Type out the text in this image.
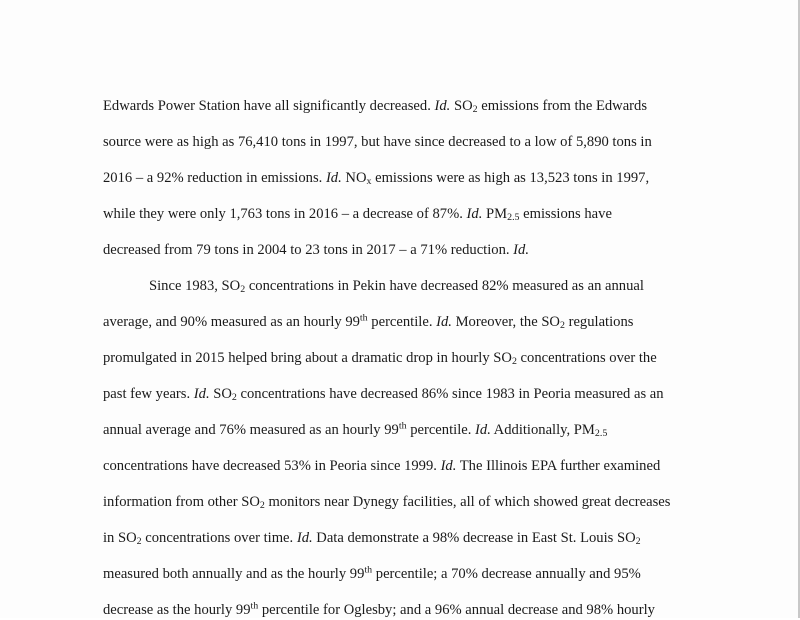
Edwards Power Station have all significantly decreased. Id. $SO_2$ emissions from the Edwards
source were as high as 76,410 tons in 1997, but have since decreased to a low of 5,890 tons in
2016 – a 92% reduction in emissions. Id. $NO_x$ emissions were as high as 13,523 tons in 1997,
while they were only 1,763 tons in 2016 – a decrease of 87%. Id. $PM_{2.5}$ emissions have
decreased from 79 tons in 2004 to 23 tons in 2017 – a 71% reduction. Id.
Since 1983, $SO_2$ concentrations in Pekin have decreased 82% measured as an annual
average, and 90% measured as an hourly 99th percentile. Id. Moreover, the $SO_2$ regulations
promulgated in 2015 helped bring about a dramatic drop in hourly $SO_2$ concentrations over the
past few years. Id. $SO_2$ concentrations have decreased 86% since 1983 in Peoria measured as an
annual average and 76% measured as an hourly 99th percentile. Id. Additionally, $PM_{2.5}$
concentrations have decreased 53% in Peoria since 1999. Id. The Illinois EPA further examined
information from other $SO_2$ monitors near Dynegy facilities, all of which showed great decreases
in $SO_2$ concentrations over time. Id. Data demonstrate a 98% decrease in East St. Louis $SO_2$
measured both annually and as the hourly 99th percentile; a 70% decrease annually and 95%
decrease as the hourly 99th percentile for Oglesby; and a 96% annual decrease and 98% hourly
